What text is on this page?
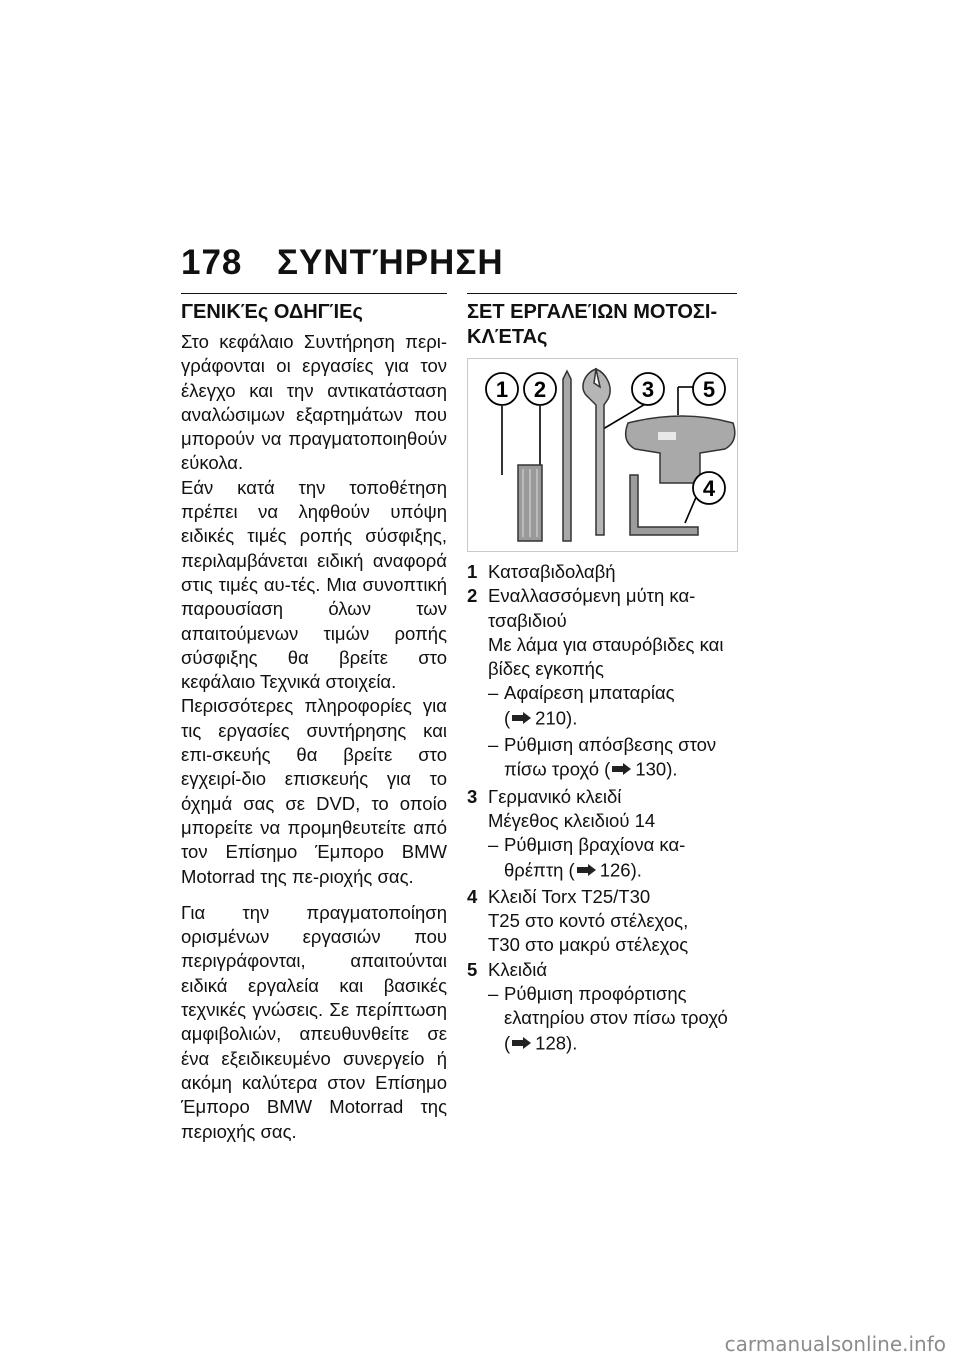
178 ΣΥΝΤΉΡΗΣΗ
ΓΕΝΙΚΈς ΟΔΗΓΊΕς

Στο κεφάλαιο Συντήρηση περι-γράφονται οι εργασίες για τον έλεγχο και την αντικατάσταση αναλώσιμων εξαρτημάτων που μπορούν να πραγματοποιηθούν εύκολα.

Εάν κατά την τοποθέτηση πρέπει να ληφθούν υπόψη ειδικές τιμές ροπής σύσφιξης, περιλαμβάνεται ειδική αναφορά στις τιμές αυ-τές. Μια συνοπτική παρουσίαση όλων των απαιτούμενων τιμών ροπής σύσφιξης θα βρείτε στο κεφάλαιο Τεχνικά στοιχεία.

Περισσότερες πληροφορίες για τις εργασίες συντήρησης και επι-σκευής θα βρείτε στο εγχειρί-διο επισκευής για το όχημά σας σε DVD, το οποίο μπορείτε να προμηθευτείτε από τον Επίσημο Έμπορο BMW Motorrad της πε-ριοχής σας.

Για την πραγματοποίηση ορισμένων εργασιών που περιγράφονται, απαιτούνται ειδικά εργαλεία και βασικές τεχνικές γνώσεις. Σε περίπτωση αμφιβολιών, απευθυνθείτε σε ένα εξειδικευμένο συνεργείο ή ακόμη καλύτερα στον Επίσημο Έμπορο BMW Motorrad της περιοχής σας.

ΣΕΤ ΕΡΓΑΛΕΊΩΝ ΜΟΤΟΣΙ-ΚΛΈΤΑς
1 2	3 5
4
1 Κατσαβιδολαβή
2 Εναλλασσόμενη μύτη κα-τσαβιδιού
Με λάμα για σταυρόβιδες και βίδες εγκοπής
– Αφαίρεση μπαταρίας
( 210).
– Ρύθμιση απόσβεσης στον πίσω τροχό ( 130).
3 Γερμανικό κλειδί
Μέγεθος κλειδιού 14
– Ρύθμιση βραχίονα κα-θρέπτη ( 126).
4 Κλειδί Torx T25/T30
T25 στο κοντό στέλεχος,
T30 στο μακρύ στέλεχος
5 Κλειδιά
– Ρύθμιση προφόρτισης ελατηρίου στον πίσω τροχό ( 128).
carmanualsonline.info
